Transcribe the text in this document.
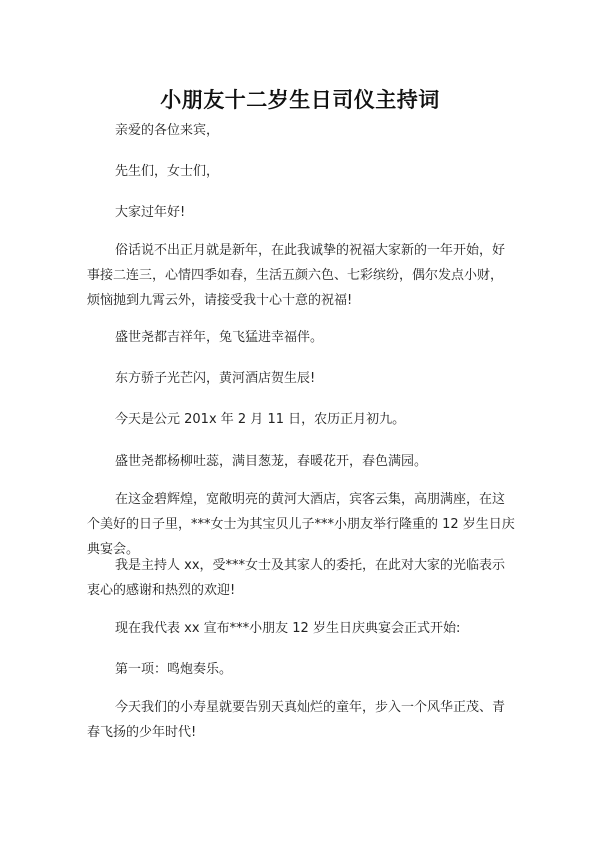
小朋友十二岁生日司仪主持词

亲爱的各位来宾，

先生们，女士们，

大家过年好!

俗话说不出正月就是新年，在此我诚挚的祝福大家新的一年开始，好事接二连三，心情四季如春，生活五颜六色、七彩缤纷，偶尔发点小财，烦恼抛到九霄云外，请接受我十心十意的祝福!

盛世尧都吉祥年，兔飞猛进幸福伴。

东方骄子光芒闪，黄河酒店贺生辰!

今天是公元 201x 年 2 月 11 日，农历正月初九。

盛世尧都杨柳吐蕊，满目葱茏，春暖花开，春色满园。

在这金碧辉煌，宽敞明亮的黄河大酒店，宾客云集，高朋满座，在这个美好的日子里，***女士为其宝贝儿子***小朋友举行隆重的 12 岁生日庆典宴会。

我是主持人 xx，受***女士及其家人的委托，在此对大家的光临表示衷心的感谢和热烈的欢迎!

现在我代表 xx 宣布***小朋友 12 岁生日庆典宴会正式开始:

第一项：鸣炮奏乐。

今天我们的小寿星就要告别天真灿烂的童年，步入一个风华正茂、青春飞扬的少年时代!
